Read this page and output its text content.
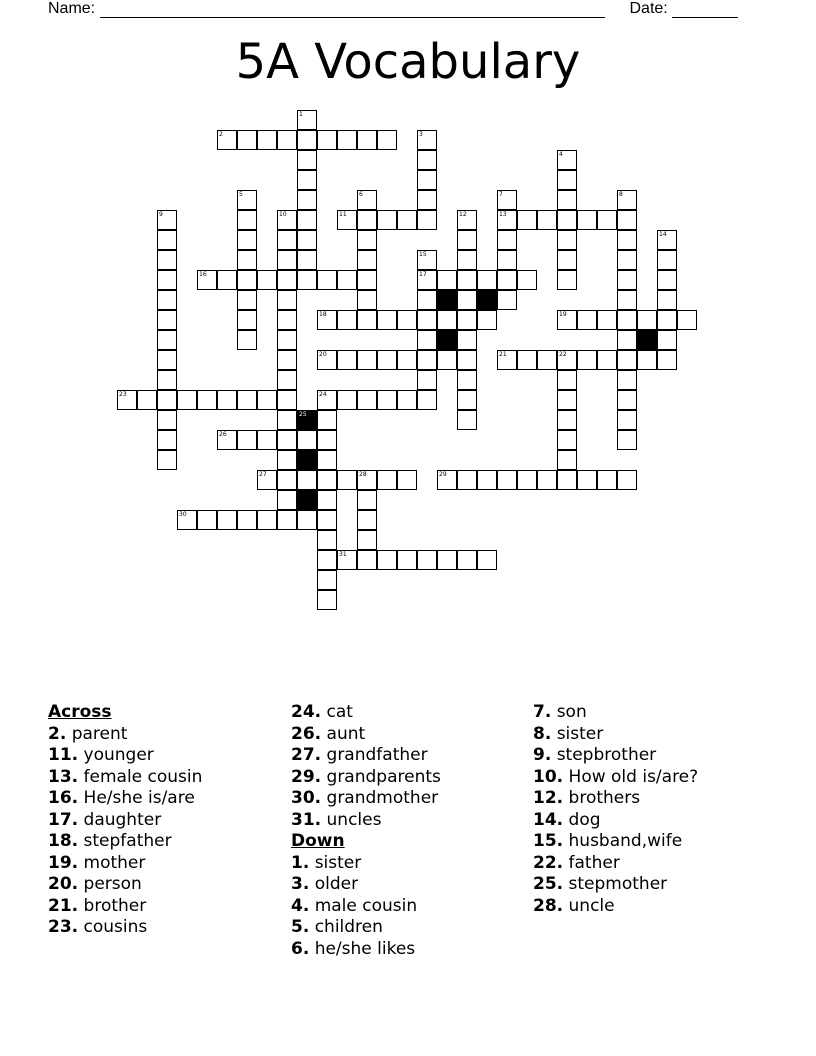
Name:	Date:
5A Vocabulary
1
2	3
4
5	6	7	8
9	10	11	12	13
14
15
16	17
18	19
20	21	22
23	24
25
26
27	28	29
30
31
Across
2. parent
11. younger
13. female cousin
16. He/she is/are
17. daughter
18. stepfather
19. mother
20. person
21. brother
23. cousins
24. cat
26. aunt
27. grandfather
29. grandparents
30. grandmother
31. uncles
Down
1. sister
3. older
4. male cousin
5. children
6. he/she likes
7. son
8. sister
9. stepbrother
10. How old is/are?
12. brothers
14. dog
15. husband,wife
22. father
25. stepmother
28. uncle
